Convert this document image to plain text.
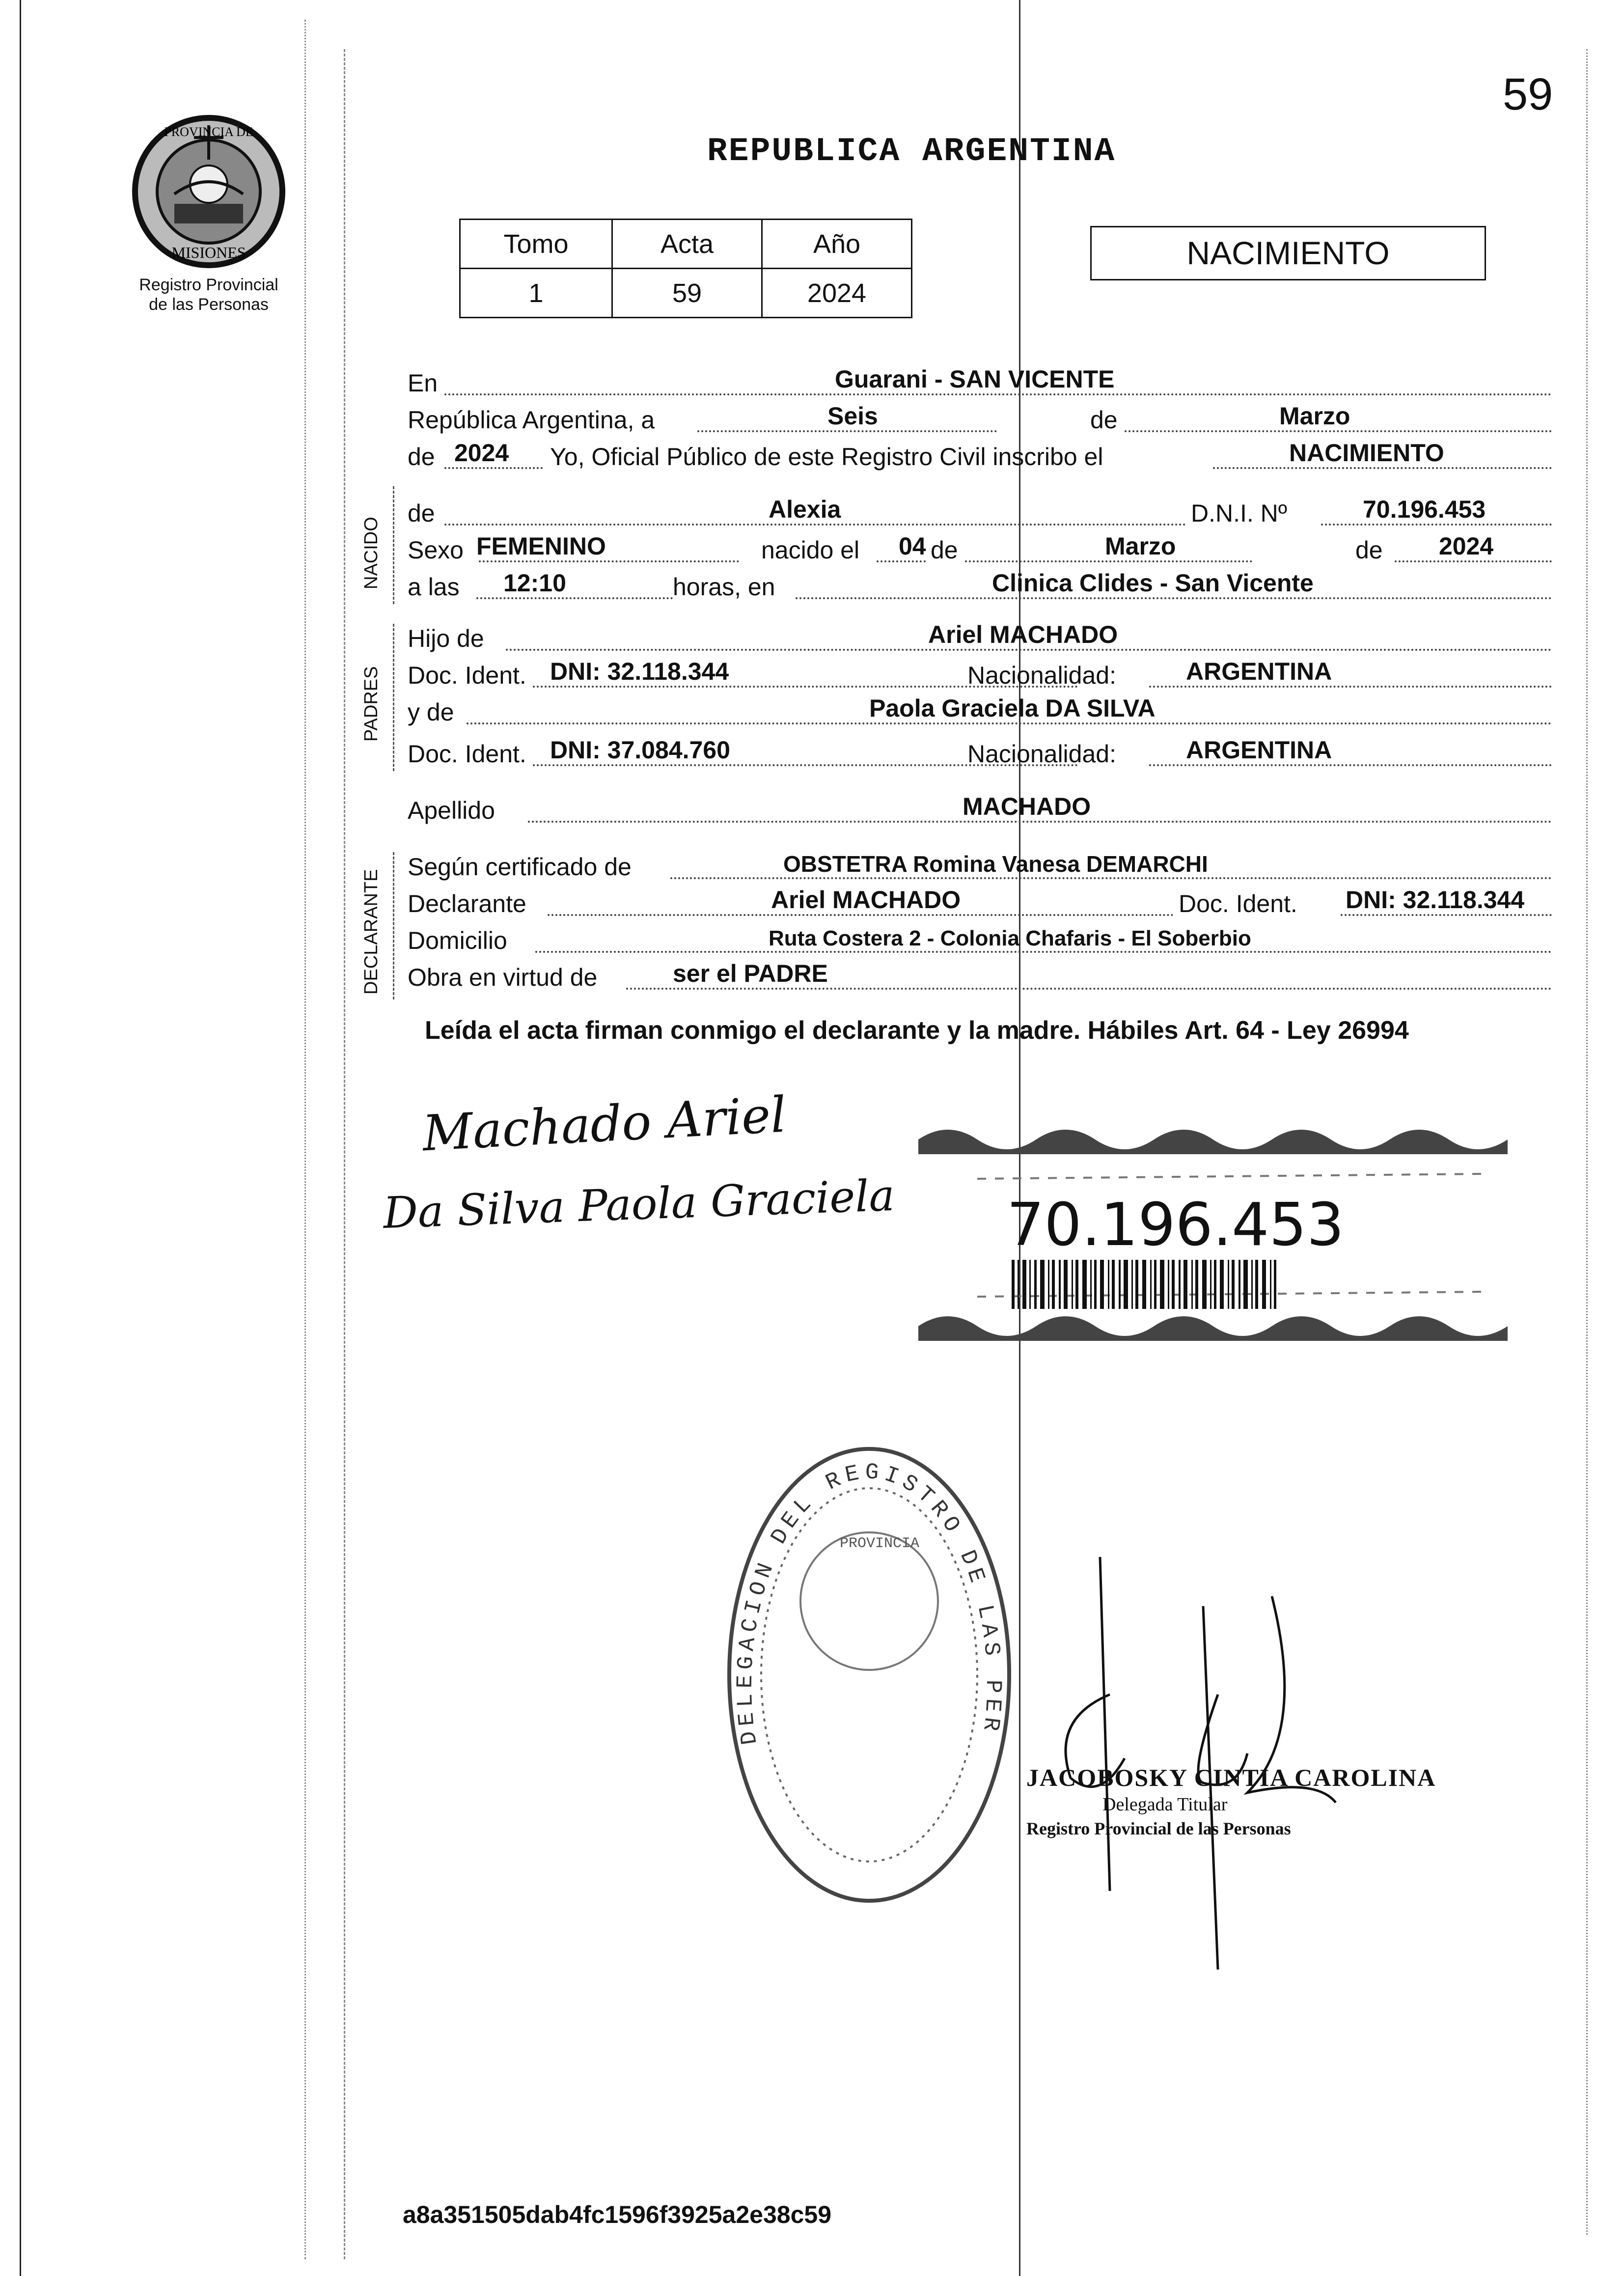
59
PROVINCIA DE
MISIONES
Registro Provincial
de las Personas
REPUBLICA ARGENTINA
Tomo	Acta	Año
1	59	2024
NACIMIENTO
En	Guarani - SAN VICENTE
República Argentina, a	Seis	de	Marzo
de 2024 Yo, Oficial Público de este Registro Civil inscribo el	NACIMIENTO
NACIDO
de	Alexia	D.N.I. Nº	70.196.453
Sexo FEMENINO	nacido el 04 de	Marzo	de 2024
a las 12:10	horas, en	Clinica Clides - San Vicente
PADRES
Hijo de	Ariel MACHADO
Doc. Ident. DNI: 32.118.344	Nacionalidad:	ARGENTINA
y de	Paola Graciela DA SILVA
Doc. Ident. DNI: 37.084.760	Nacionalidad:	ARGENTINA
Apellido	MACHADO
DECLARANTE
Según certificado de	OBSTETRA Romina Vanesa DEMARCHI
Declarante	Ariel MACHADO	Doc. Ident. DNI: 32.118.344
Domicilio	Ruta Costera 2 - Colonia Chafaris - El Soberbio
Obra en virtud de	ser el PADRE
Leída el acta firman conmigo el declarante y la madre. Hábiles Art. 64 - Ley 26994
Machado Ariel
Da Silva Paola Graciela 70.196.453
DELEGACION DEL REGISTRO DE LAS PER
PROVINCIA
JACOBOSKY CINTIA CAROLINA
Delegada Titular
Registro Provincial de las Personas
a8a351505dab4fc1596f3925a2e38c59
